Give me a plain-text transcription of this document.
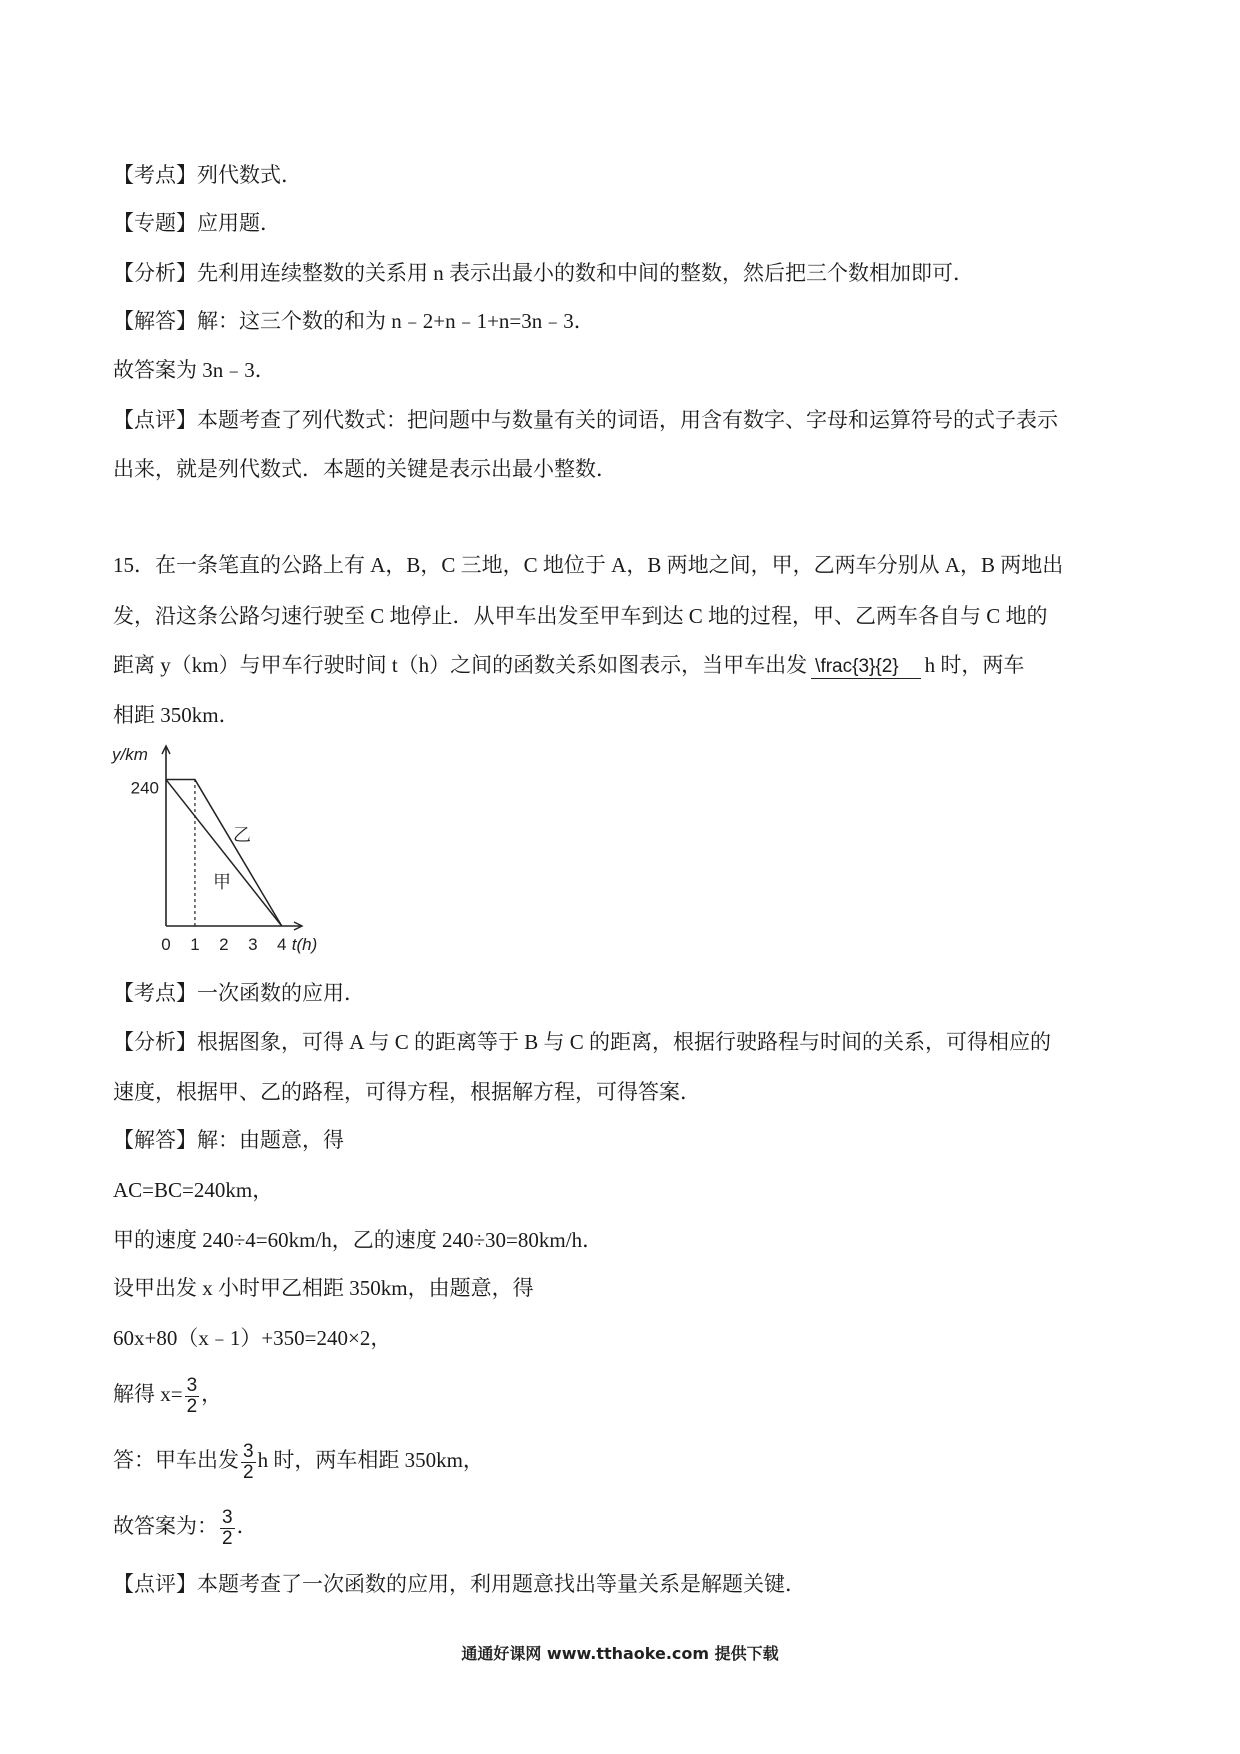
【考点】列代数式．
【专题】应用题．
【分析】先利用连续整数的关系用 n 表示出最小的数和中间的整数，然后把三个数相加即可．
【解答】解：这三个数的和为 n﹣2+n﹣1+n=3n﹣3．
故答案为 3n﹣3．
【点评】本题考查了列代数式：把问题中与数量有关的词语，用含有数字、字母和运算符号的式子表示
出来，就是列代数式．本题的关键是表示出最小整数．
15．在一条笔直的公路上有 A，B，C 三地，C 地位于 A，B 两地之间，甲，乙两车分别从 A，B 两地出
发，沿这条公路匀速行驶至 C 地停止．从甲车出发至甲车到达 C 地的过程，甲、乙两车各自与 C 地的
距离 y（km）与甲车行驶时间 t（h）之间的函数关系如图表示，当甲车出发 \frac{3}{2} h 时，两车
相距 350km．
甲
乙
0 1 2 3 4
240
y/km
t(h)
【考点】一次函数的应用．
【分析】根据图象，可得 A 与 C 的距离等于 B 与 C 的距离，根据行驶路程与时间的关系，可得相应的
速度，根据甲、乙的路程，可得方程，根据解方程，可得答案．
【解答】解：由题意，得
AC=BC=240km，
甲的速度 240÷4=60km/h，乙的速度 240÷30=80km/h．
设甲出发 x 小时甲乙相距 350km，由题意，得
60x+80（x﹣1）+350=240×2，
解得 $x= \frac{3}{2}$ ，
答：甲车出发 $\frac{3}{2}$ h 时，两车相距 350km，
故答案为： $\frac{3}{2}$ ．
【点评】本题考查了一次函数的应用，利用题意找出等量关系是解题关键．
通通好课网 www.tthaoke.com 提供下载
